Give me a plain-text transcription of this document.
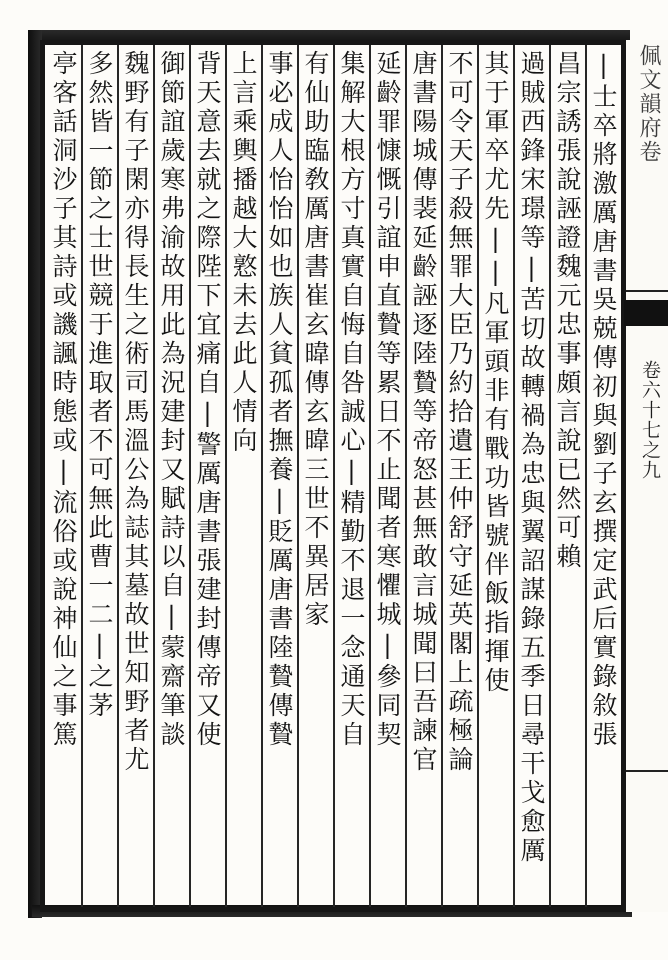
佩文韻府卷
卷六十七之九
|士卒將激厲唐書吳兢傳初與劉子玄撰定武后實錄敘張
昌宗誘張說誣證魏元忠事頗言說已然可賴
過賊西鋒宋璟等|苦切故轉禍為忠與翼詔謀錄五季日尋干戈愈厲
其于軍卒尤先||凡軍頭非有戰功皆號伴飯指揮使
不可令天子殺無罪大臣乃約拾遺王仲舒守延英閣上疏極論
唐書陽城傳裴延齡誣逐陸贄等帝怒甚無敢言城聞曰吾諫官
延齡罪慷慨引誼申直贄等累日不止聞者寒懼城|參同契
集解大根方寸真實自悔自咎誠心|精勤不退一念通天自
有仙助臨敎厲唐書崔玄暐傳玄暐三世不異居家
事必成人怡怡如也族人貧孤者撫養|貶厲唐書陸贄傳贄
上言乘輿播越大憝未去此人情向
背天意去就之際陛下宜痛自|警厲唐書張建封傳帝又使
御節誼歲寒弗渝故用此為況建封又賦詩以自|蒙齋筆談
魏野有子閑亦得長生之術司馬溫公為誌其墓故世知野者尤
多然皆一節之士世競于進取者不可無此曹一二|之茅
亭客話洞沙子其詩或譏諷時態或|流俗或說神仙之事篤
